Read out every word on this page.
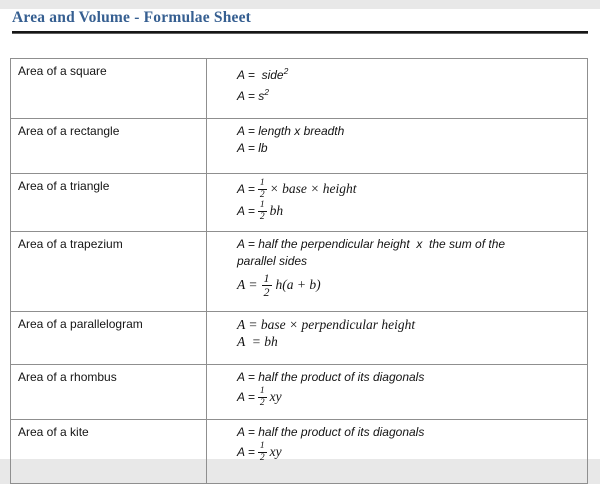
Area and Volume - Formulae Sheet
Area of a square	A =  side$^2$
$A = s^2$

Area of a rectangle	A = length x breadth
A = lb

Area of a triangle	$A = \frac{1}{2}$ × base × height
$A = \frac{1}{2}$ bh

Area of a trapezium	A = half the perpendicular height  x  the sum of the
parallel sides
$A = \frac{1}{2} h(a + b)$

Area of a parallelogram	A = base × perpendicular height
A  = bh

Area of a rhombus	A = half the product of its diagonals
$A = \frac{1}{2}$ xy

Area of a kite	A = half the product of its diagonals
$A = \frac{1}{2}$ xy
